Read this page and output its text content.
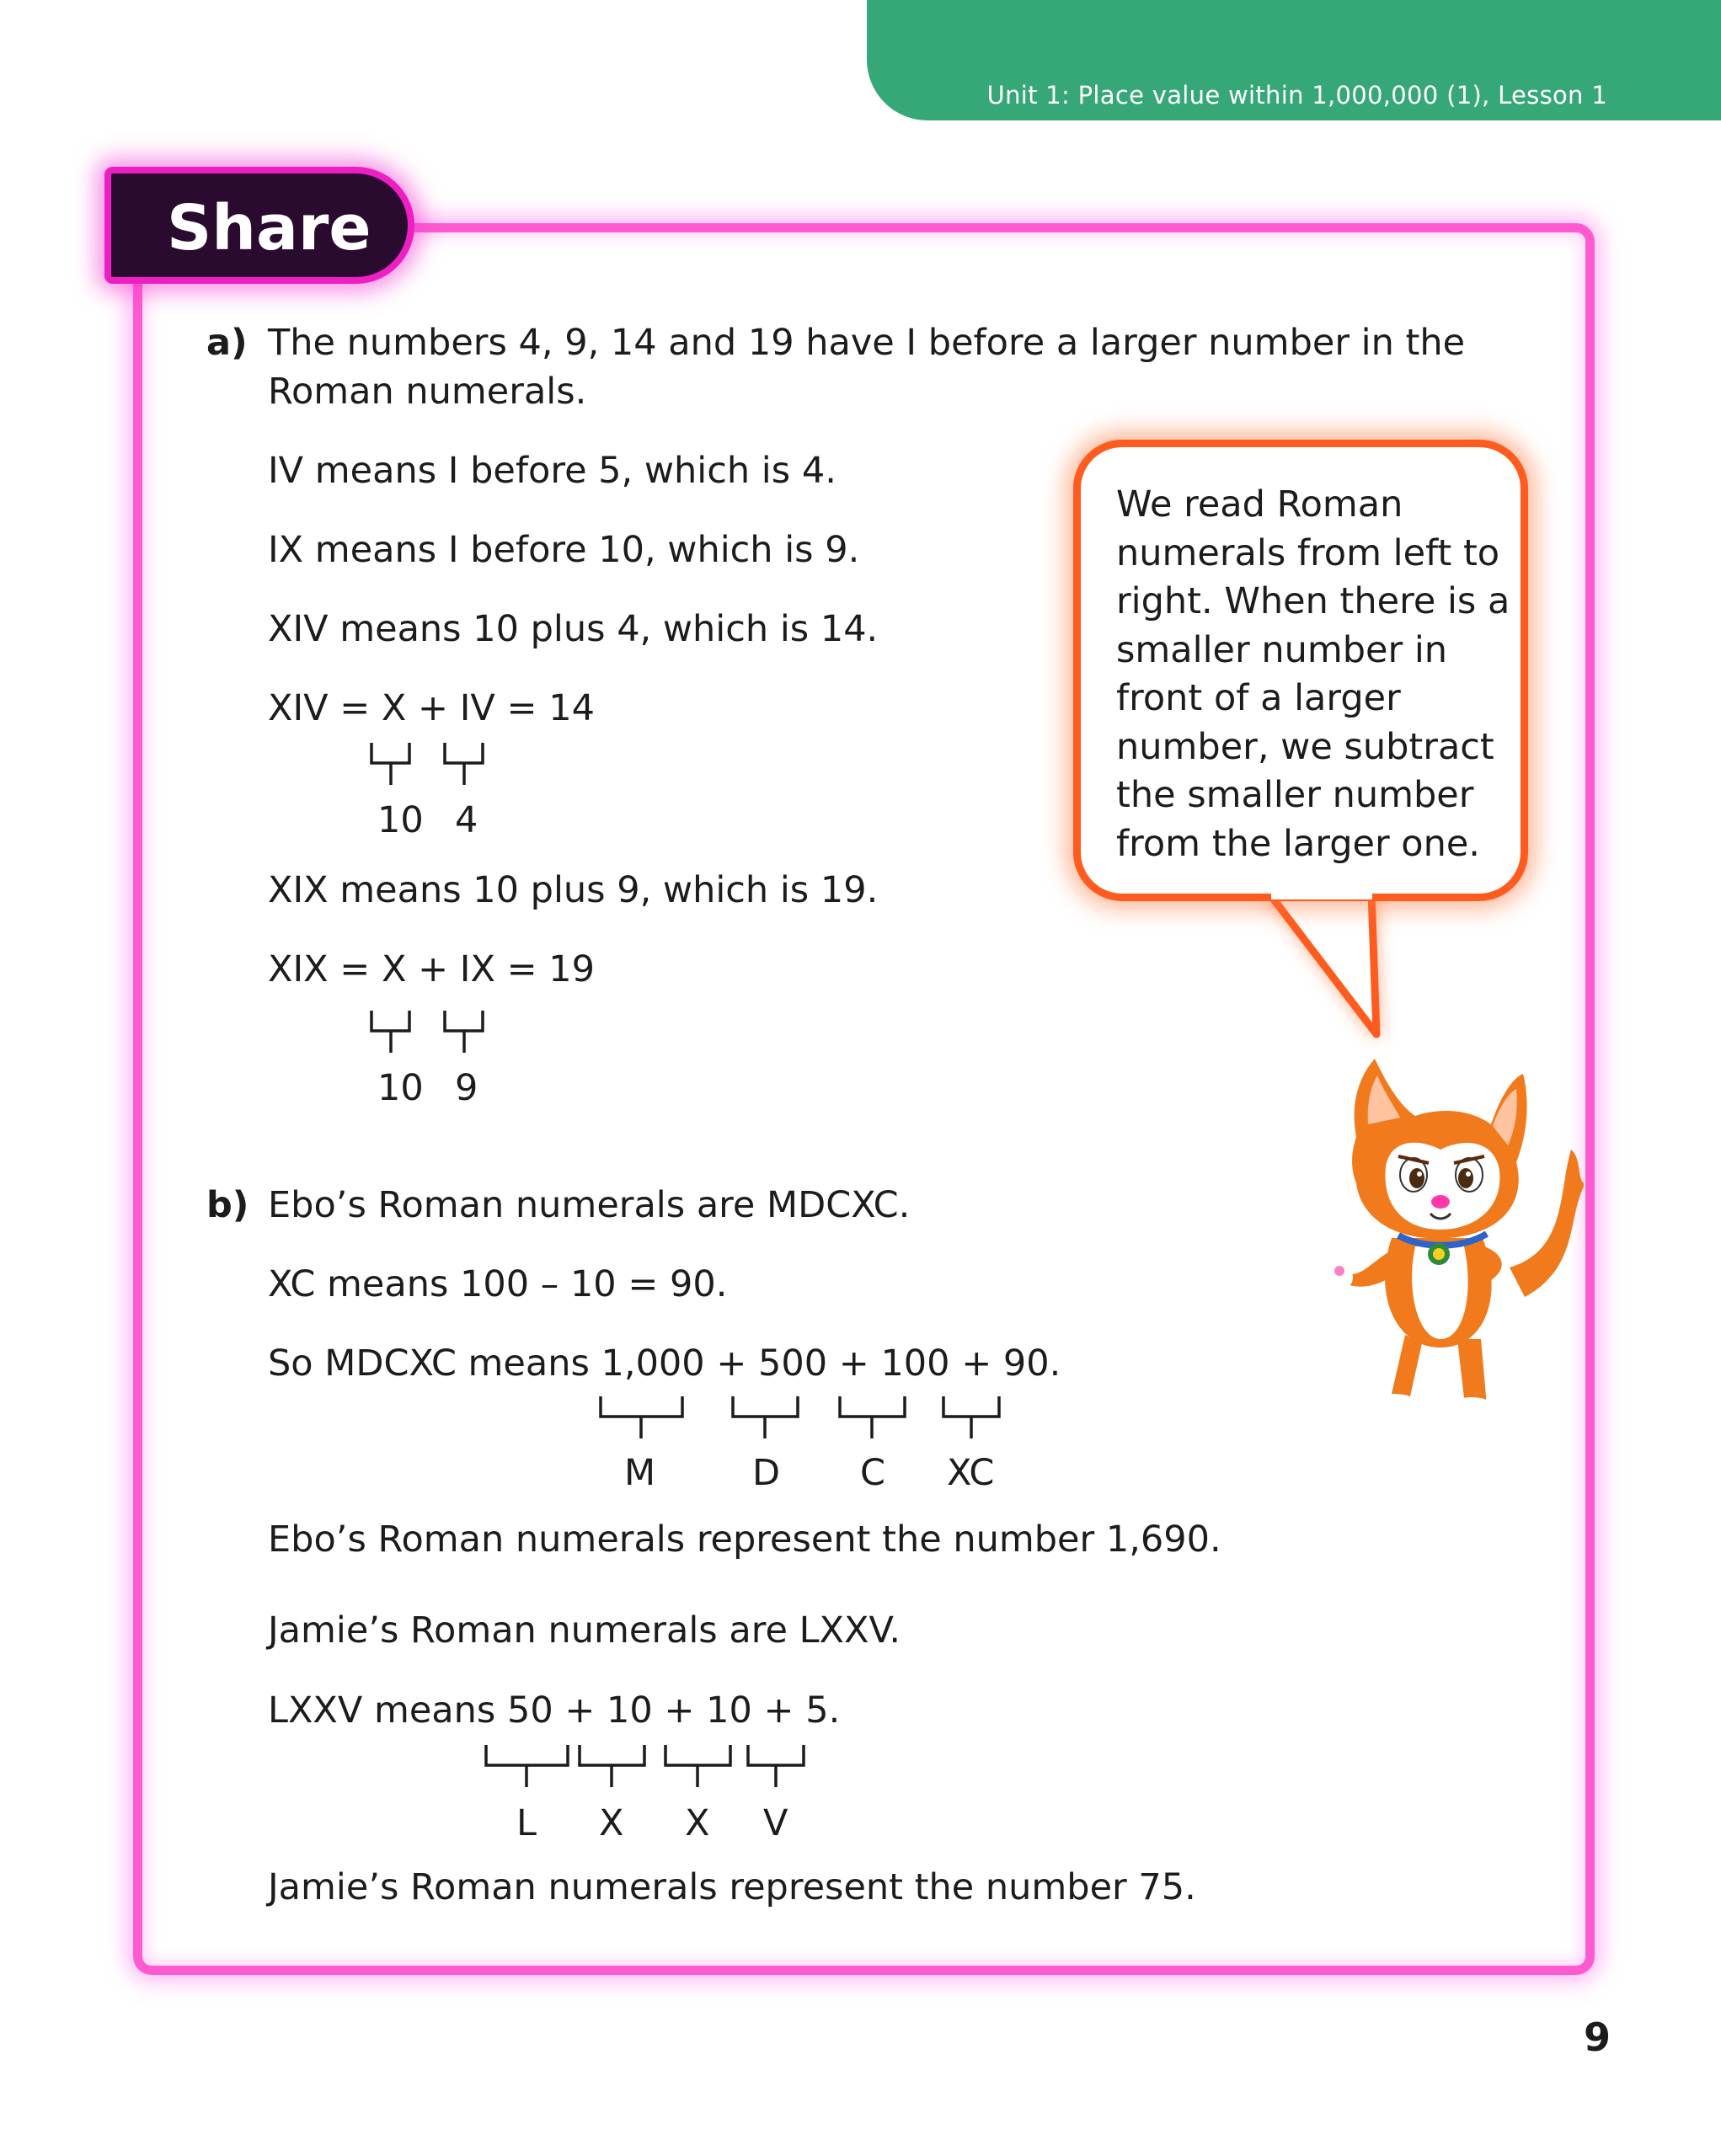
Unit 1: Place value within 1,000,000 (1), Lesson 1
Share
a) The numbers 4, 9, 14 and 19 have I before a larger number in the
Roman numerals.
IV means I before 5, which is 4.
IX means I before 10, which is 9.
XIV means 10 plus 4, which is 14.
XIV = X + IV = 14
10 4
XIX means 10 plus 9, which is 19.
XIX = X + IX = 19
10 9
b) Ebo’s Roman numerals are MDCXC.
XC means 100 – 10 = 90.
So MDCXC means 1,000 + 500 + 100 + 90.
M	D C XC
Ebo’s Roman numerals represent the number 1,690.
Jamie’s Roman numerals are LXXV.
LXXV means 50 + 10 + 10 + 5.
L X X V
Jamie’s Roman numerals represent the number 75.
We read Roman numerals from left to right. When there is a smaller number in front of a larger number, we subtract the smaller number from the larger one.
9
